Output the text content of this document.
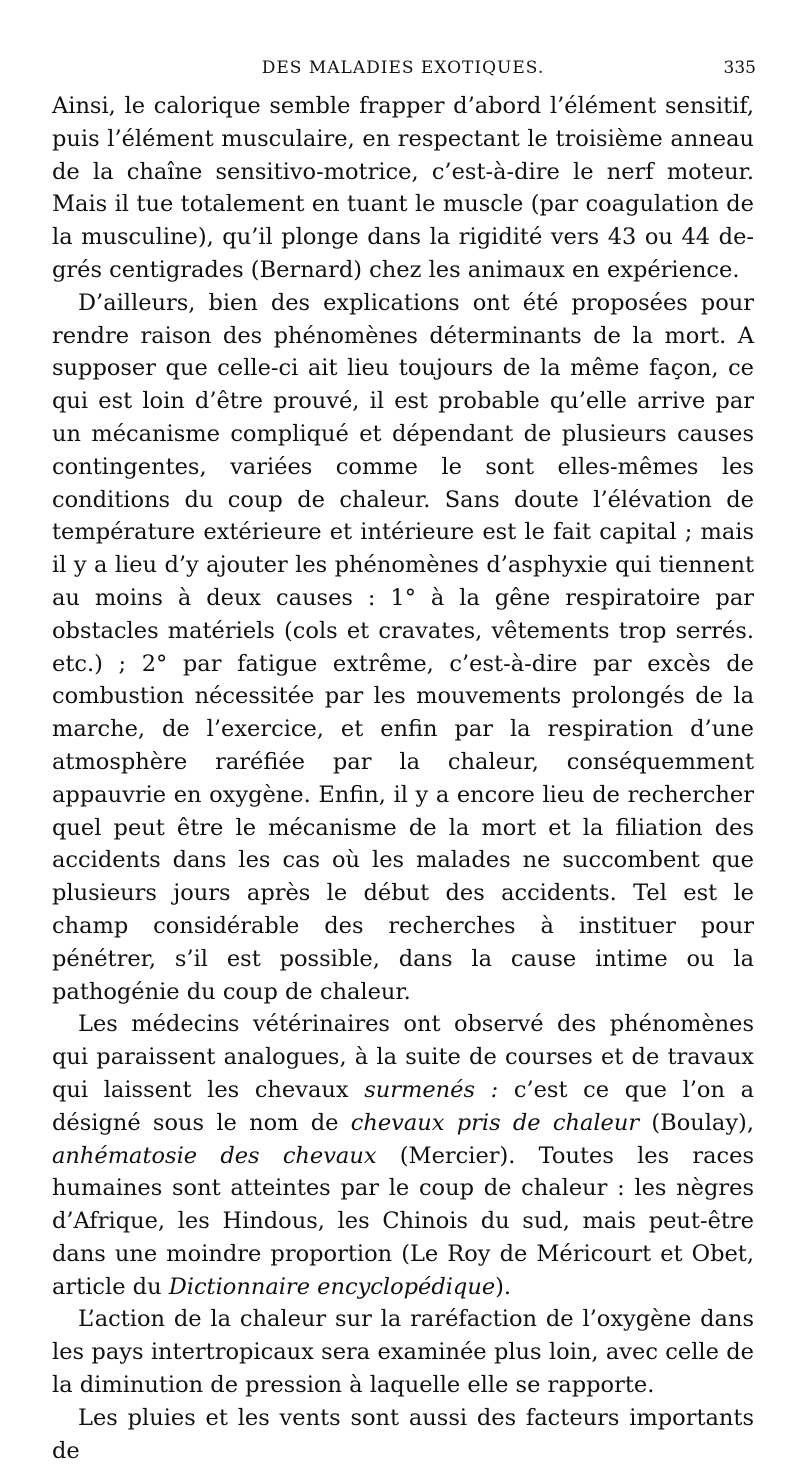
DES MALADIES EXOTIQUES.	335

Ainsi, le calorique semble frapper d’abord l’élément sensitif, puis l’élément musculaire, en respectant le troisième anneau de la chaîne sensitivo-motrice, c’est-à-dire le nerf moteur. Mais il tue totalement en tuant le muscle (par coagulation de la musculine), qu’il plonge dans la rigidité vers 43 ou 44 degrés centigrades (Bernard) chez les animaux en expérience.

D’ailleurs, bien des explications ont été proposées pour rendre raison des phénomènes déterminants de la mort. A supposer que celle-ci ait lieu toujours de la même façon, ce qui est loin d’être prouvé, il est probable qu’elle arrive par un mécanisme compliqué et dépendant de plusieurs causes contingentes, variées comme le sont elles-mêmes les conditions du coup de chaleur. Sans doute l’élévation de température extérieure et intérieure est le fait capital ; mais il y a lieu d’y ajouter les phénomènes d’asphyxie qui tiennent au moins à deux causes : 1° à la gêne respiratoire par obstacles matériels (cols et cravates, vêtements trop serrés. etc.) ; 2° par fatigue extrême, c’est-à-dire par excès de combustion nécessitée par les mouvements prolongés de la marche, de l’exercice, et enfin par la respiration d’une atmosphère raréfiée par la chaleur, conséquemment appauvrie en oxygène. Enfin, il y a encore lieu de rechercher quel peut être le mécanisme de la mort et la filiation des accidents dans les cas où les malades ne succombent que plusieurs jours après le début des accidents. Tel est le champ considérable des recherches à instituer pour pénétrer, s’il est possible, dans la cause intime ou la pathogénie du coup de chaleur.

Les médecins vétérinaires ont observé des phénomènes qui paraissent analogues, à la suite de courses et de travaux qui laissent les chevaux surmenés : c’est ce que l’on a désigné sous le nom de chevaux pris de chaleur (Boulay), anhématosie des chevaux (Mercier). Toutes les races humaines sont atteintes par le coup de chaleur : les nègres d’Afrique, les Hindous, les Chinois du sud, mais peut-être dans une moindre proportion (Le Roy de Méricourt et Obet, article du Dictionnaire encyclopédique).

L’action de la chaleur sur la raréfaction de l’oxygène dans les pays intertropicaux sera examinée plus loin, avec celle de la diminution de pression à laquelle elle se rapporte.

Les pluies et les vents sont aussi des facteurs importants de
